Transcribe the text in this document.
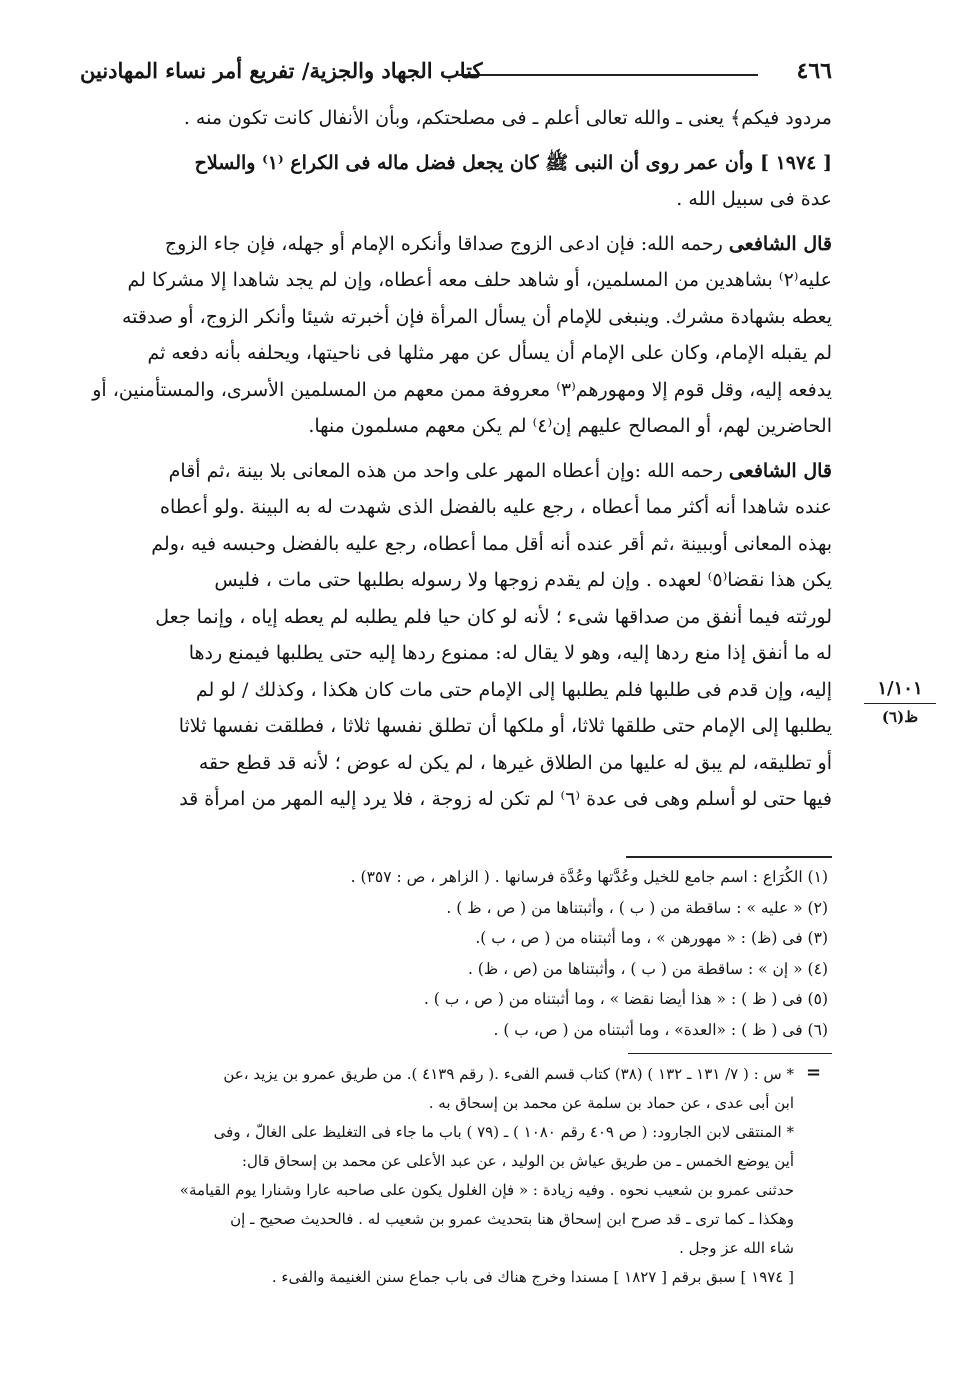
٤٦٦
كتاب الجهاد والجزية/ تفريع أمر نساء المهادنين

مردود فيكم﴾ يعنى ـ والله تعالى أعلم ـ فى مصلحتكم، وبأن الأنفال كانت تكون منه .

[ ١٩٧٤ ] وأن عمر روى أن النبى ﷺ كان يجعل فضل ماله فى الكراع ⁽١⁾ والسلاح

عدة فى سبيل الله .

قال الشافعى رحمه الله: فإن ادعى الزوج صداقا وأنكره الإمام أو جهله، فإن جاء الزوج

عليه⁽٢⁾ بشاهدين من المسلمين، أو شاهد حلف معه أعطاه، وإن لم يجد شاهدا إلا مشركا لم

يعطه بشهادة مشرك. وينبغى للإمام أن يسأل المرأة فإن أخبرته شيئا وأنكر الزوج، أو صدقته

لم يقبله الإمام، وكان على الإمام أن يسأل عن مهر مثلها فى ناحيتها، ويحلفه بأنه دفعه ثم

يدفعه إليه، وقل قوم إلا ومهورهم⁽٣⁾ معروفة ممن معهم من المسلمين الأسرى، والمستأمنين، أو

الحاضرين لهم، أو المصالح عليهم إن⁽٤⁾ لم يكن معهم مسلمون منها.

قال الشافعى رحمه الله :وإن أعطاه المهر على واحد من هذه المعانى بلا بينة ،ثم أقام

عنده شاهدا أنه أكثر مما أعطاه ، رجع عليه بالفضل الذى شهدت له به البينة .ولو أعطاه

بهذه المعانى أوببينة ،ثم أقر عنده أنه أقل مما أعطاه، رجع عليه بالفضل وحبسه فيه ،ولم

يكن هذا نقضا⁽٥⁾ لعهده . وإن لم يقدم زوجها ولا رسوله بطلبها حتى مات ، فليس

لورثته فيما أنفق من صداقها شىء ؛ لأنه لو كان حيا فلم يطلبه لم يعطه إياه ، وإنما جعل

له ما أنفق إذا منع ردها إليه، وهو لا يقال له: ممنوع ردها إليه حتى يطلبها فيمنع ردها

إليه، وإن قدم فى طلبها فلم يطلبها إلى الإمام حتى مات كان هكذا ، وكذلك / لو لم

يطلبها إلى الإمام حتى طلقها ثلاثا، أو ملكها أن تطلق نفسها ثلاثا ، فطلقت نفسها ثلاثا

أو تطليقه، لم يبق له عليها من الطلاق غيرها ، لم يكن له عوض ؛ لأنه قد قطع حقه

فيها حتى لو أسلم وهى فى عدة ⁽٦⁾ لم تكن له زوجة ، فلا يرد إليه المهر من امرأة قد

١/١٠١
ظ(٦)
(١) الكُرَاع : اسم جامع للخيل وعُدَّتها وعُدَّة فرسانها . ( الزاهر ، ص : ٣٥٧) .
(٢) « عليه » : ساقطة من ( ب ) ، وأثبتناها من ( ص ، ظ ) .
(٣) فى (ظ) : « مهورهن » ، وما أثبتناه من ( ص ، ب ).
(٤) « إن » : ساقطة من ( ب ) ، وأثبتناها من (ص ، ظ) .
(٥) فى ( ظ ) : « هذا أيضا نقضا » ، وما أثبتناه من ( ص ، ب ) .
(٦) فى ( ظ ) : «العدة» ، وما أثبتناه من ( ص، ب ) .
=

* س : ( ٧/ ١٣١ ـ ١٣٢ ) (٣٨) كتاب قسم الفىء .( رقم ٤١٣٩ ). من طريق عمرو بن يزيد ،عن

ابن أبى عدى ، عن حماد بن سلمة عن محمد بن إسحاق به .

* المنتقى لابن الجارود: ( ص ٤٠٩ رقم ١٠٨٠ ) ـ (٧٩ ) باب ما جاء فى التغليظ على الغالّ ، وفى

أين يوضع الخمس ـ من طريق عياش بن الوليد ، عن عبد الأعلى عن محمد بن إسحاق قال:

حدثنى عمرو بن شعيب نحوه . وفيه زيادة : « فإن الغلول يكون على صاحبه عارا وشنارا يوم القيامة»

وهكذا ـ كما ترى ـ قد صرح ابن إسحاق هنا بتحديث عمرو بن شعيب له . فالحديث صحيح ـ إن

شاء الله عز وجل .

[ ١٩٧٤ ] سبق برقم [ ١٨٢٧ ] مسندا وخرج هناك فى باب جماع سنن الغنيمة والفىء .
